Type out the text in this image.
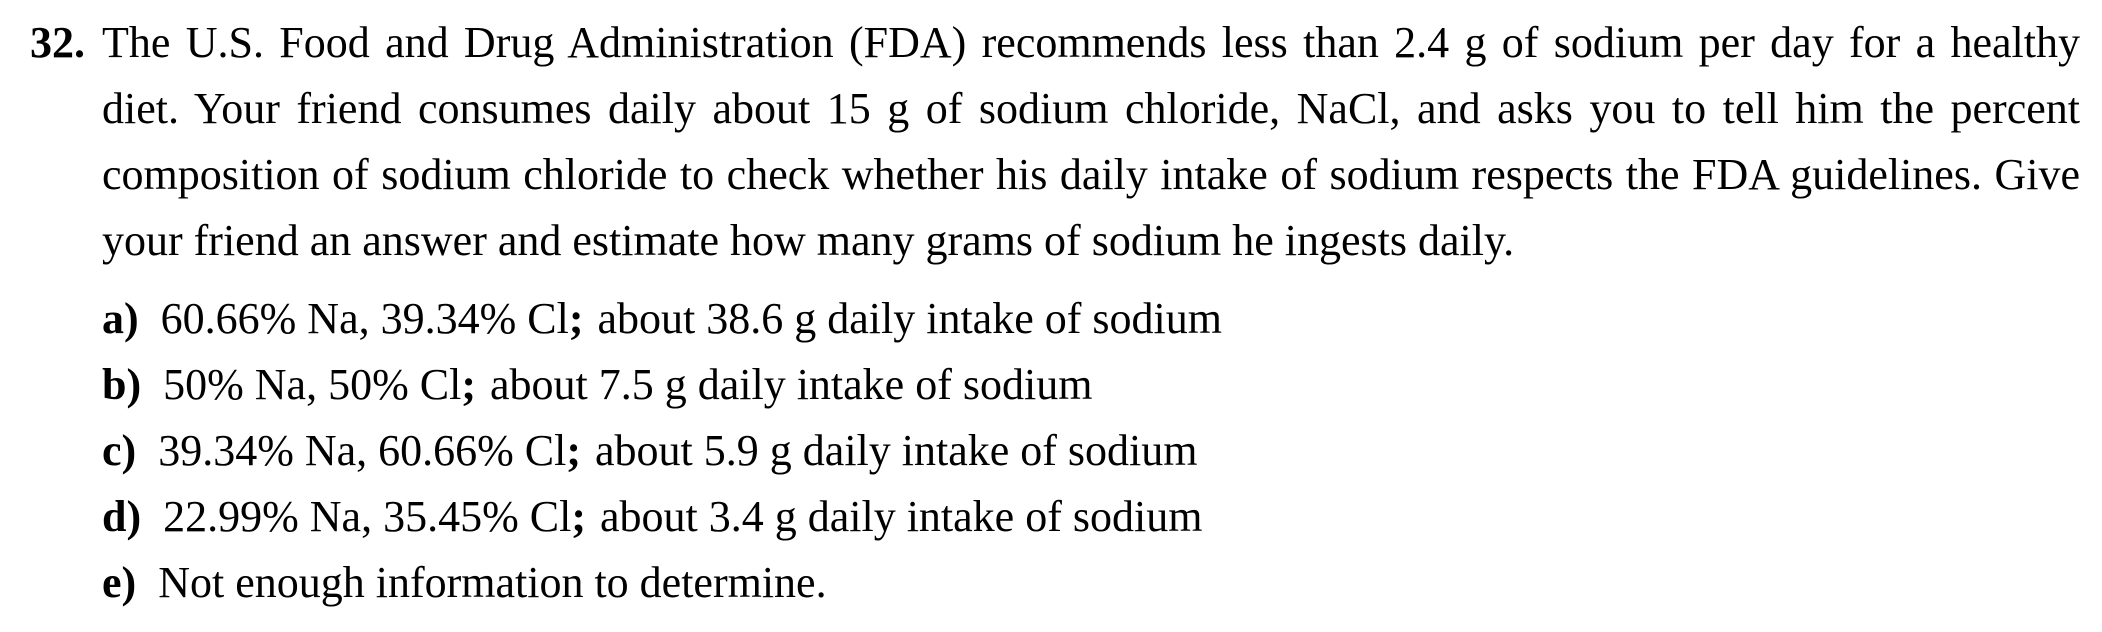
32. The U.S. Food and Drug Administration (FDA) recommends less than 2.4 g of sodium per day for a healthy diet. Your friend consumes daily about 15 g of sodium chloride, NaCl, and asks you to tell him the percent composition of sodium chloride to check whether his daily intake of sodium respects the FDA guidelines. Give your friend an answer and estimate how many grams of sodium he ingests daily.
a) 60.66% Na, 39.34% Cl; about 38.6 g daily intake of sodium
b) 50% Na, 50% Cl; about 7.5 g daily intake of sodium
c) 39.34% Na, 60.66% Cl; about 5.9 g daily intake of sodium
d) 22.99% Na, 35.45% Cl; about 3.4 g daily intake of sodium
e) Not enough information to determine.
